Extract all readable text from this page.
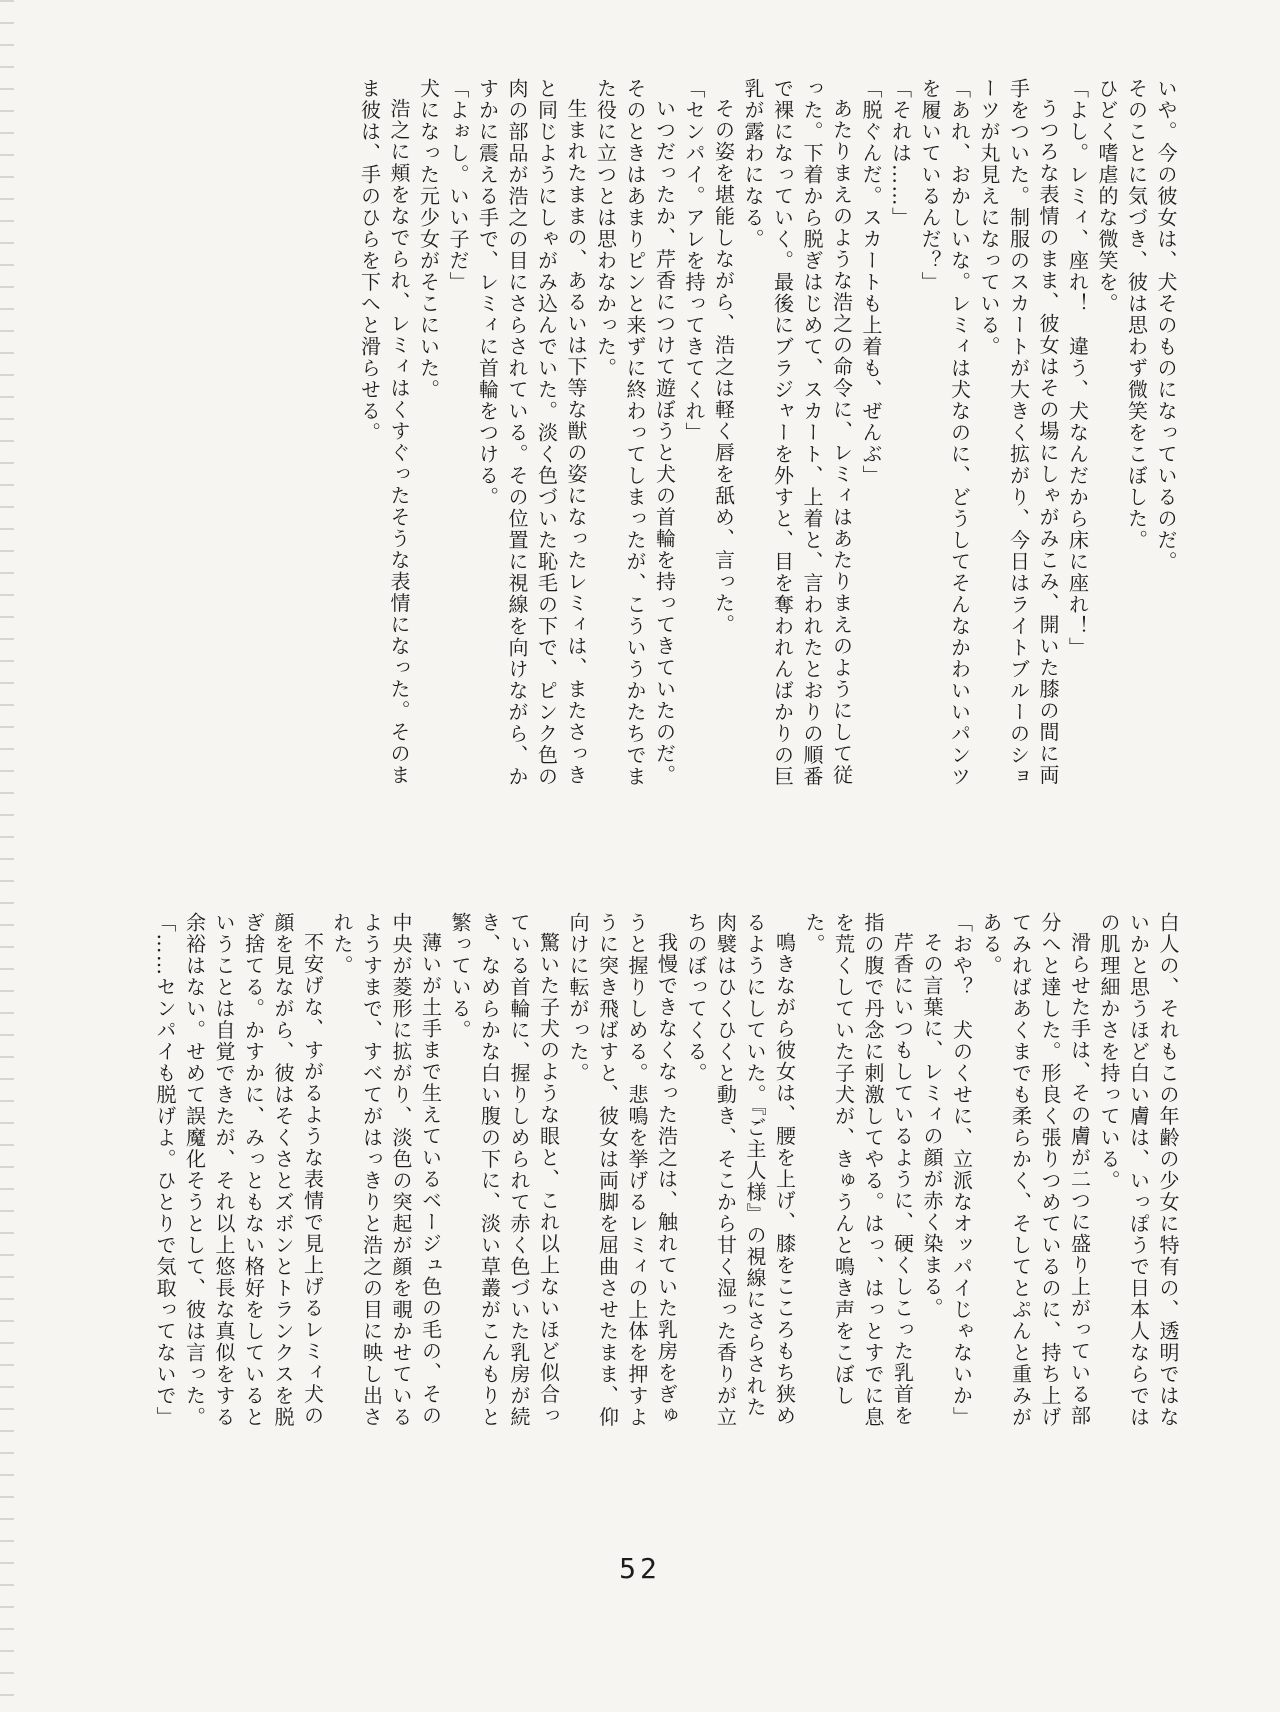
いや。今の彼女は、犬そのものになっているのだ。

そのことに気づき、彼は思わず微笑をこぼした。

ひどく嗜虐的な微笑を。

「よし。レミィ、座れ！　違う、犬なんだから床に座れ！」

うつろな表情のまま、彼女はその場にしゃがみこみ、開いた膝の間に両手をついた。制服のスカートが大きく拡がり、今日はライトブルーのショーツが丸見えになっている。

「あれ、おかしいな。レミィは犬なのに、どうしてそんなかわいいパンツを履いているんだ？」

「それは……」

「脱ぐんだ。スカートも上着も、ぜんぶ」

あたりまえのような浩之の命令に、レミィはあたりまえのようにして従った。下着から脱ぎはじめて、スカート、上着と、言われたとおりの順番で裸になっていく。最後にブラジャーを外すと、目を奪われんばかりの巨乳が露わになる。

その姿を堪能しながら、浩之は軽く唇を舐め、言った。

「センパイ。アレを持ってきてくれ」

いつだったか、芹香につけて遊ぼうと犬の首輪を持ってきていたのだ。そのときはあまりピンと来ずに終わってしまったが、こういうかたちでまた役に立つとは思わなかった。

生まれたままの、あるいは下等な獣の姿になったレミィは、またさっきと同じようにしゃがみ込んでいた。淡く色づいた恥毛の下で、ピンク色の肉の部品が浩之の目にさらされている。その位置に視線を向けながら、かすかに震える手で、レミィに首輪をつける。

「よぉし。いい子だ」

犬になった元少女がそこにいた。

浩之に頬をなでられ、レミィはくすぐったそうな表情になった。そのまま彼は、手のひらを下へと滑らせる。

白人の、それもこの年齢の少女に特有の、透明ではないかと思うほど白い膚は、いっぽうで日本人ならではの肌理細かさを持っている。

滑らせた手は、その膚が二つに盛り上がっている部分へと達した。形良く張りつめているのに、持ち上げてみればあくまでも柔らかく、そしてとぷんと重みがある。

「おや？　犬のくせに、立派なオッパイじゃないか」

その言葉に、レミィの顔が赤く染まる。

芹香にいつもしているように、硬くしこった乳首を指の腹で丹念に刺激してやる。はっ、はっとすでに息を荒くしていた子犬が、きゅうんと鳴き声をこぼした。

鳴きながら彼女は、腰を上げ、膝をこころもち狭めるようにしていた。『ご主人様』の視線にさらされた肉襞はひくひくと動き、そこから甘く湿った香りが立ちのぼってくる。

我慢できなくなった浩之は、触れていた乳房をぎゅうと握りしめる。悲鳴を挙げるレミィの上体を押すように突き飛ばすと、彼女は両脚を屈曲させたまま、仰向けに転がった。

驚いた子犬のような眼と、これ以上ないほど似合っている首輪に、握りしめられて赤く色づいた乳房が続き、なめらかな白い腹の下に、淡い草叢がこんもりと繁っている。

薄いが土手まで生えているベージュ色の毛の、その中央が菱形に拡がり、淡色の突起が顔を覗かせているようすまで、すべてがはっきりと浩之の目に映し出された。

不安げな、すがるような表情で見上げるレミィ犬の顔を見ながら、彼はそくさとズボンとトランクスを脱ぎ捨てる。かすかに、みっともない格好をしているということは自覚できたが、それ以上悠長な真似をする余裕はない。せめて誤魔化そうとして、彼は言った。

「……センパイも脱げよ。ひとりで気取ってないで」

52
